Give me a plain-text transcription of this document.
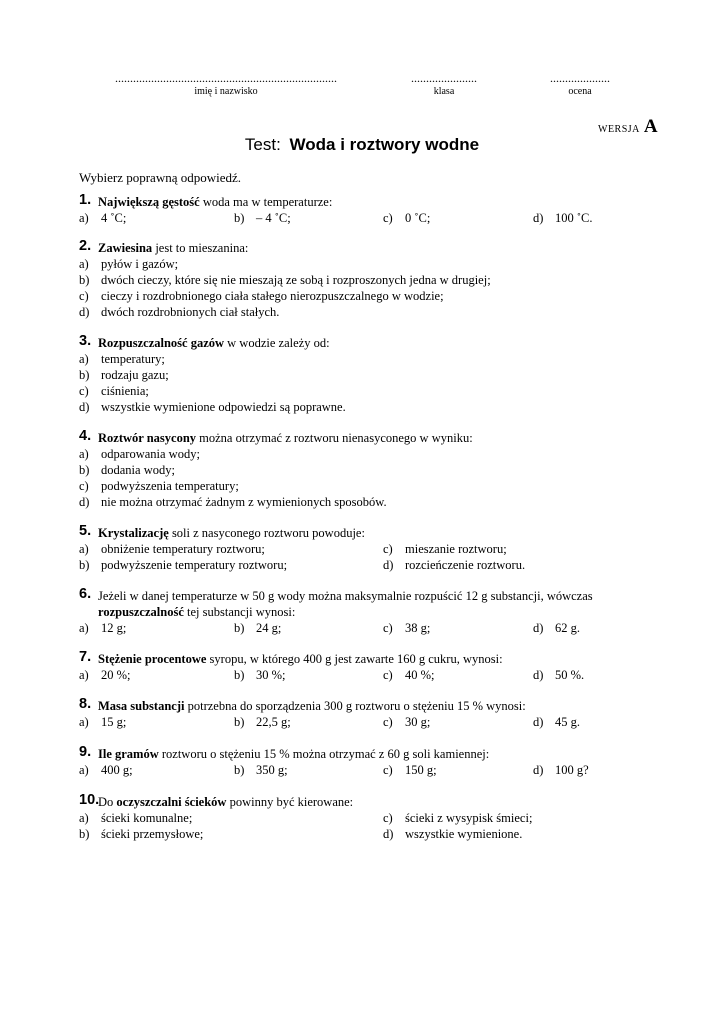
..........................................................................
imię i nazwisko
......................
klasa
....................
ocena
WERSJA A
Test: Woda i roztwory wodne
Wybierz poprawną odpowiedź.
1. Największą gęstość woda ma w temperaturze:
a) 4 ˚C;	b) – 4 ˚C;	c) 0 ˚C;	d) 100 ˚C.
2. Zawiesina jest to mieszanina:
a) pyłów i gazów;
b) dwóch cieczy, które się nie mieszają ze sobą i rozproszonych jedna w drugiej;
c) cieczy i rozdrobnionego ciała stałego nierozpuszczalnego w wodzie;
d) dwóch rozdrobnionych ciał stałych.
3. Rozpuszczalność gazów w wodzie zależy od:
a) temperatury;
b) rodzaju gazu;
c) ciśnienia;
d) wszystkie wymienione odpowiedzi są poprawne.
4. Roztwór nasycony można otrzymać z roztworu nienasyconego w wyniku:
a) odparowania wody;
b) dodania wody;
c) podwyższenia temperatury;
d) nie można otrzymać żadnym z wymienionych sposobów.
5. Krystalizację soli z nasyconego roztworu powoduje:
a) obniżenie temperatury roztworu;
b) podwyższenie temperatury roztworu;
c) mieszanie roztworu;
d) rozcieńczenie roztworu.
6. Jeżeli w danej temperaturze w 50 g wody można maksymalnie rozpuścić 12 g substancji, wówczas
rozpuszczalność tej substancji wynosi:
a) 12 g;	b) 24 g;	c) 38 g;	d) 62 g.
7. Stężenie procentowe syropu, w którego 400 g jest zawarte 160 g cukru, wynosi:
a) 20 %;	b) 30 %;	c) 40 %;	d) 50 %.
8. Masa substancji potrzebna do sporządzenia 300 g roztworu o stężeniu 15 % wynosi:
a) 15 g;	b) 22,5 g;	c) 30 g;	d) 45 g.
9. Ile gramów roztworu o stężeniu 15 % można otrzymać z 60 g soli kamiennej:
a) 400 g;	b) 350 g;	c) 150 g;	d) 100 g?
10.
Do oczyszczalni ścieków powinny być kierowane:
a) ścieki komunalne;
b) ścieki przemysłowe;
c) ścieki z wysypisk śmieci;
d) wszystkie wymienione.
